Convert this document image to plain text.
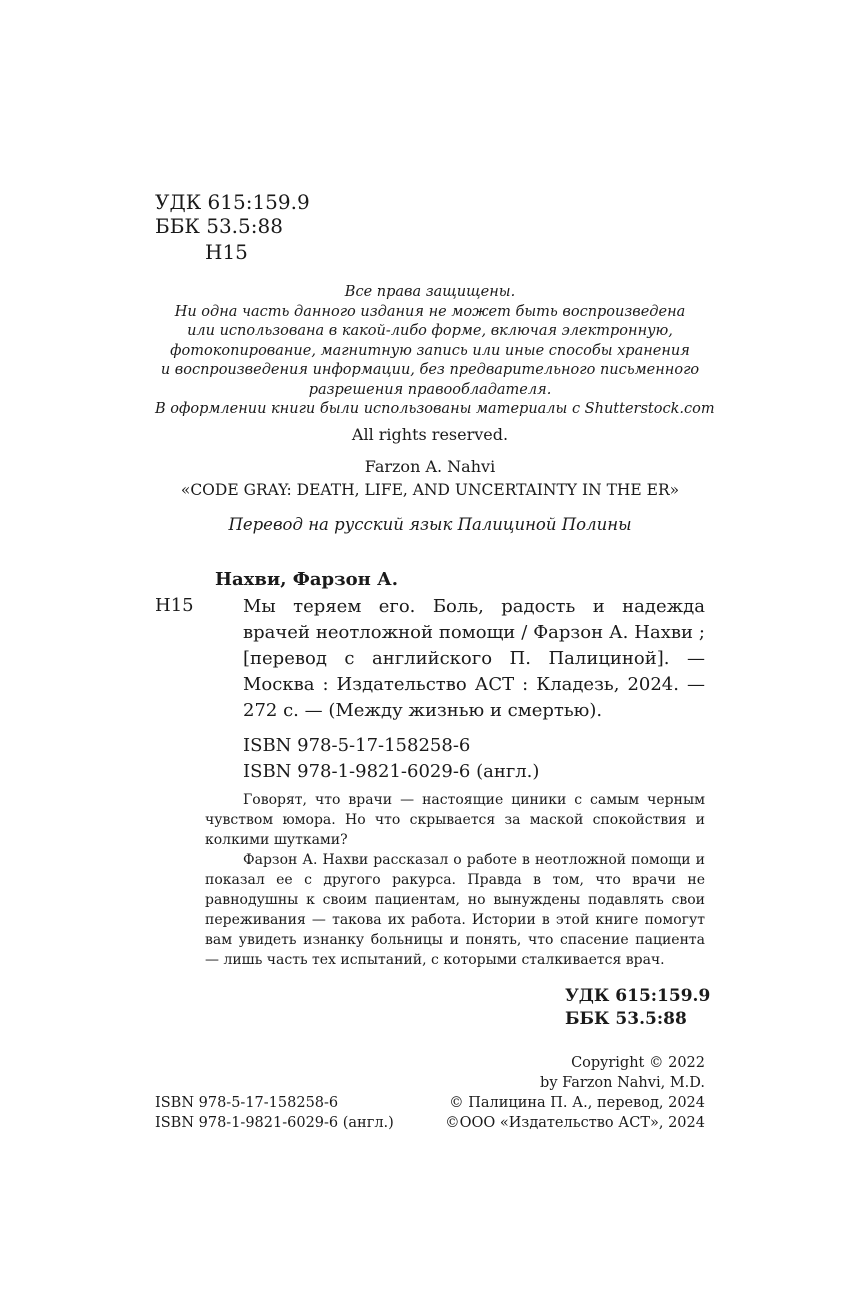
УДК 615:159.9
ББК 53.5:88
Н15
Все права защищены.
Ни одна часть данного издания не может быть воспроизведена
или использована в какой-либо форме, включая электронную,
фотокопирование, магнитную запись или иные способы хранения
и воспроизведения информации, без предварительного письменного
разрешения правообладателя.
В оформлении книги были использованы материалы с Shutterstock.com
All rights reserved.
Farzon A. Nahvi
«CODE GRAY: DEATH, LIFE, AND UNCERTAINTY IN THE ER»
Перевод на русский язык Палициной Полины
Нахви, Фарзон А.
Н15	Мы теряем его. Боль, радость и надежда врачей неотложной помощи / Фарзон А. Нахви ; [перевод с английского П. Палициной]. — Москва : Издательство АСТ : Кладезь, 2024. — 272 с. — (Между жизнью и смертью).
ISBN 978-5-17-158258-6
ISBN 978-1-9821-6029-6 (англ.)

Говорят, что врачи — настоящие циники с самым черным чувством юмора. Но что скрывается за маской спокойствия и колкими шутками?

Фарзон А. Нахви рассказал о работе в неотложной помощи и показал ее с другого ракурса. Правда в том, что врачи не равнодушны к своим пациентам, но вынуждены подавлять свои переживания — такова их работа. Истории в этой книге помогут вам увидеть изнанку больницы и понять, что спасение пациента — лишь часть тех испытаний, с которыми сталкивается врач.

УДК 615:159.9
ББК 53.5:88
ISBN 978-5-17-158258-6
ISBN 978-1-9821-6029-6 (англ.)
Copyright © 2022
by Farzon Nahvi, M.D.
© Палицина П. А., перевод, 2024
©ООО «Издательство АСТ», 2024
